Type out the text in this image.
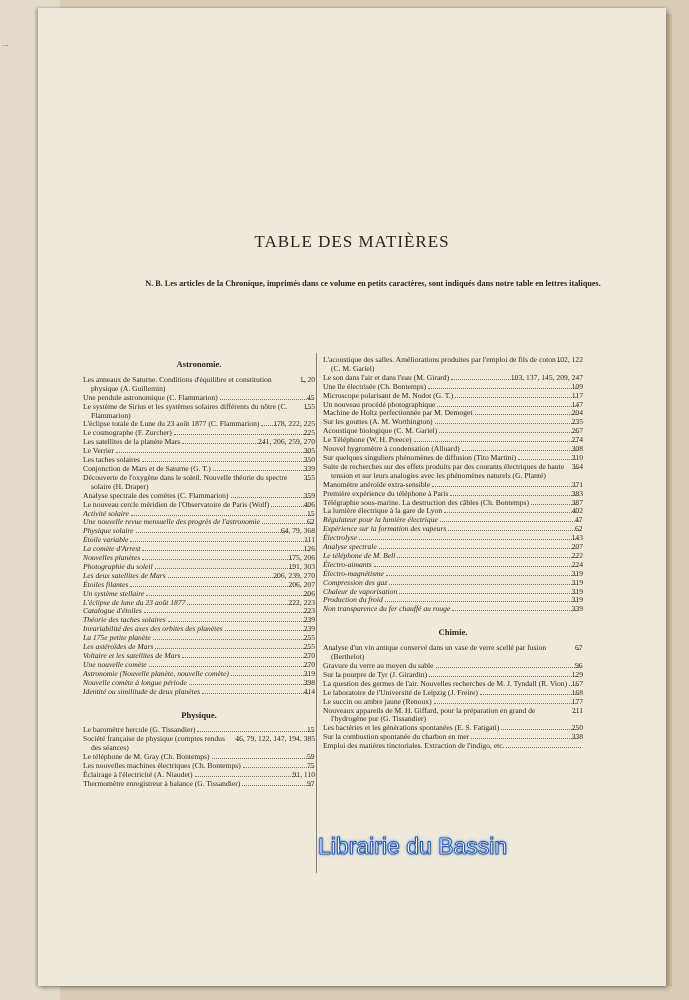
...
TABLE DES MATIÈRES
N. B. Les articles de la Chronique, imprimés dans ce volume en petits caractères, sont indiqués dans notre table en lettres italiques.
Astronomie.
Les anneaux de Saturne. Conditions d'équilibre et constitution physique (A. Guillemin)
1, 20
Une pendule astronomique (C. Flammarion)	45
Le système de Sirius et les systèmes solaires différents du nôtre (C. Flammarion)
155
L'éclipse totale de Lune du 23 août 1877 (C. Flammarion) 178, 222, 225
Le cosmographe (F. Zurcher)	225
Les satellites de la planète Mars	241, 206, 259, 270
Le Verrier	305
Les taches solaires	350
Conjonction de Mars et de Saturne (G. T.)	339
Découverte de l'oxygène dans le soleil. Nouvelle théorie du spectre solaire (H. Draper)
355
Analyse spectrale des comètes (C. Flammarion)	359
Le nouveau cercle méridien de l'Observatoire de Paris (Wolf)	406
Activité solaire	15
Une nouvelle revue mensuelle des progrès de l'astronomie	62
Physique solaire	64, 79, 368
Étoile variable	111
La comète d'Arrest	126
Nouvelles planètes	175, 206
Photographie du soleil	191, 303
Les deux satellites de Mars	206, 239, 270
Étoiles filantes	206, 207
Un système stellaire	206
L'éclipse de lune du 23 août 1877	222, 223
Catalogue d'étoiles	223
Théorie des taches solaires	239
Invariabilité des axes des orbites des planètes	239
La 175e petite planète	255
Les astéroïdes de Mars	255
Voltaire et les satellites de Mars	270
Une nouvelle comète	270
Astronomie (Nouvelle planète, nouvelle comète)	319
Nouvelle comète à longue période	398
Identité ou similitude de deux planètes	414
Physique.
Le baromètre hercule (G. Tissandier)	15
Société française de physique (comptes rendus des séances)
46, 79, 122, 147, 194, 385
Le téléphone de M. Gray (Ch. Bontemps)	59
Les nouvelles machines électriques (Ch. Bontemps)	75
Éclairage à l'électricité (A. Niaudet)	91, 110
Thermomètre enregistreur à balance (G. Tissandier)	97
L'acoustique des salles. Améliorations produites par l'emploi de fils de coton (C. M. Gariel)
102, 122
Le son dans l'air et dans l'eau (M. Girard)	103, 137, 145, 209, 247
Une île électrisée (Ch. Bontemps)	109
Microscope polarisant de M. Nodot (G. T.)	117
Un nouveau procédé photographique	147
Machine de Holtz perfectionnée par M. Demoget	204
Sur les gouttes (A. M. Worthington)	235
Acoustique biologique (C. M. Gariel)	267
Le Téléphone (W. H. Preece)	274
Nouvel hygromètre à condensation (Alluard)	308
Sur quelques singuliers phénomènes de diffusion (Tito Martini)	310
Suite de recherches sur des effets produits par des courants électriques de haute tension et sur leurs analogies avec les phénomènes naturels (G. Planté)
364
Manomètre anéroïde extra-sensible	371
Première expérience du téléphone à Paris	383
Télégraphie sous-marine. La destruction des câbles (Ch. Bontemps)	387
La lumière électrique à la gare de Lyon	402
Régulateur pour la lumière électrique	47
Expérience sur la formation des vapeurs	62
Électrolyse	143
Analyse spectrale	207
Le téléphone de M. Bell	222
Électro-aimants	224
Électro-magnétisme	319
Compression des gaz	319
Chaleur de vaporisation	319
Production du froid	319
Non transparence du fer chauffé au rouge	339
Chimie.
Analyse d'un vin antique conservé dans un vase de verre scellé par fusion (Berthelot)
67
Gravure du verre au moyen du sable	96
Sur la pourpre de Tyr (J. Girardin)	129
La question des germes de l'air. Nouvelles recherches de M. J. Tyndall (R. Vion) 167
Le laboratoire de l'Université de Leipzig (J. Freire)	168
Le succin ou ambre jaune (Renoux)	177
Nouveaux appareils de M. H. Giffard, pour la préparation en grand de l'hydrogène pur (G. Tissandier)
211
Les bactéries et les générations spontanées (E. S. Fatigati)	250
Sur la combustion spontanée du charbon en mer	338
Emploi des matières tinctoriales. Extraction de l'indigo, etc.
Librairie du Bassin
